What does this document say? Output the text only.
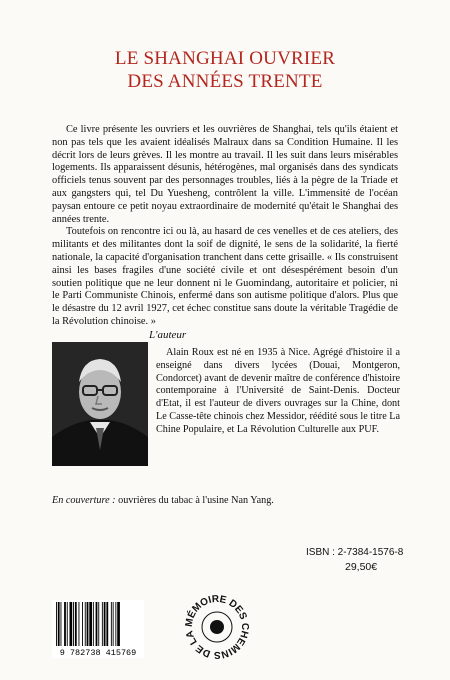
LE SHANGHAI OUVRIER
DES ANNÉES TRENTE

Ce livre présente les ouvriers et les ouvrières de Shanghai, tels qu'ils étaient et non pas tels que les avaient idéalisés Malraux dans sa Condition Humaine. Il les décrit lors de leurs grèves. Il les montre au travail. Il les suit dans leurs misérables logements. Ils apparaissent désunis, hétérogènes, mal organisés dans des syndicats officiels tenus souvent par des personnages troubles, liés à la pègre de la Triade et aux gangsters qui, tel Du Yuesheng, contrôlent la ville. L'immensité de l'océan paysan entoure ce petit noyau extraordinaire de modernité qu'était le Shanghai des années trente.

Toutefois on rencontre ici ou là, au hasard de ces venelles et de ces ateliers, des militants et des militantes dont la soif de dignité, le sens de la solidarité, la fierté nationale, la capacité d'organisation tranchent dans cette grisaille. « Ils construisent ainsi les bases fragiles d'une société civile et ont désespérément besoin d'un soutien politique que ne leur donnent ni le Guomindang, autoritaire et policier, ni le Parti Communiste Chinois, enfermé dans son autisme politique d'alors. Plus que le désastre du 12 avril 1927, cet échec constitue sans doute la véritable Tragédie de la Révolution chinoise. »

L'auteur

Alain Roux est né en 1935 à Nice. Agrégé d'histoire il a enseigné dans divers lycées (Douai, Montgeron, Condorcet) avant de devenir maître de conférence d'histoire contemporaine à l'Université de Saint-Denis. Docteur d'Etat, il est l'auteur de divers ouvrages sur la Chine, dont Le Casse-tête chinois chez Messidor, réédité sous le titre La Chine Populaire, et La Révolution Culturelle aux PUF.

En couverture : ouvrières du tabac à l'usine Nan Yang.
ISBN : 2-7384-1576-8
29,50€
9 782738 415769
MÉMOIRE DES CHEMINS DE LA
